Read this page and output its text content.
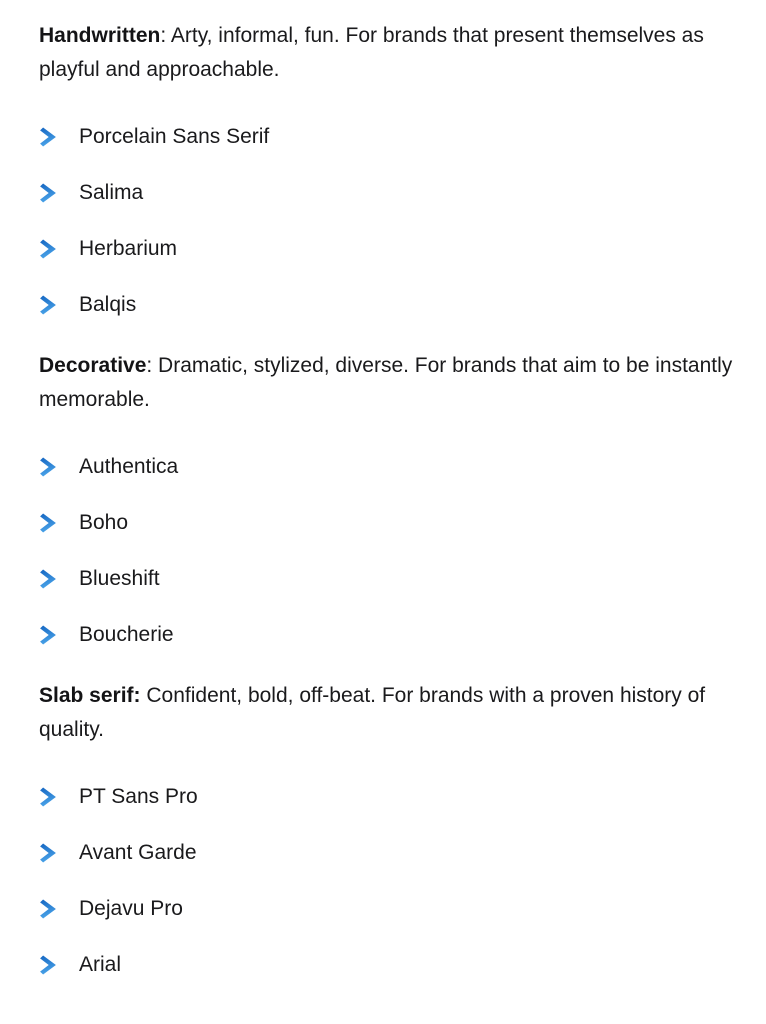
Handwritten: Arty, informal, fun. For brands that present themselves as playful and approachable.

Porcelain Sans Serif
Salima
Herbarium
Balqis

Decorative: Dramatic, stylized, diverse. For brands that aim to be instantly memorable.

Authentica
Boho
Blueshift
Boucherie

Slab serif: Confident, bold, off-beat. For brands with a proven history of quality.

PT Sans Pro
Avant Garde
Dejavu Pro
Arial
